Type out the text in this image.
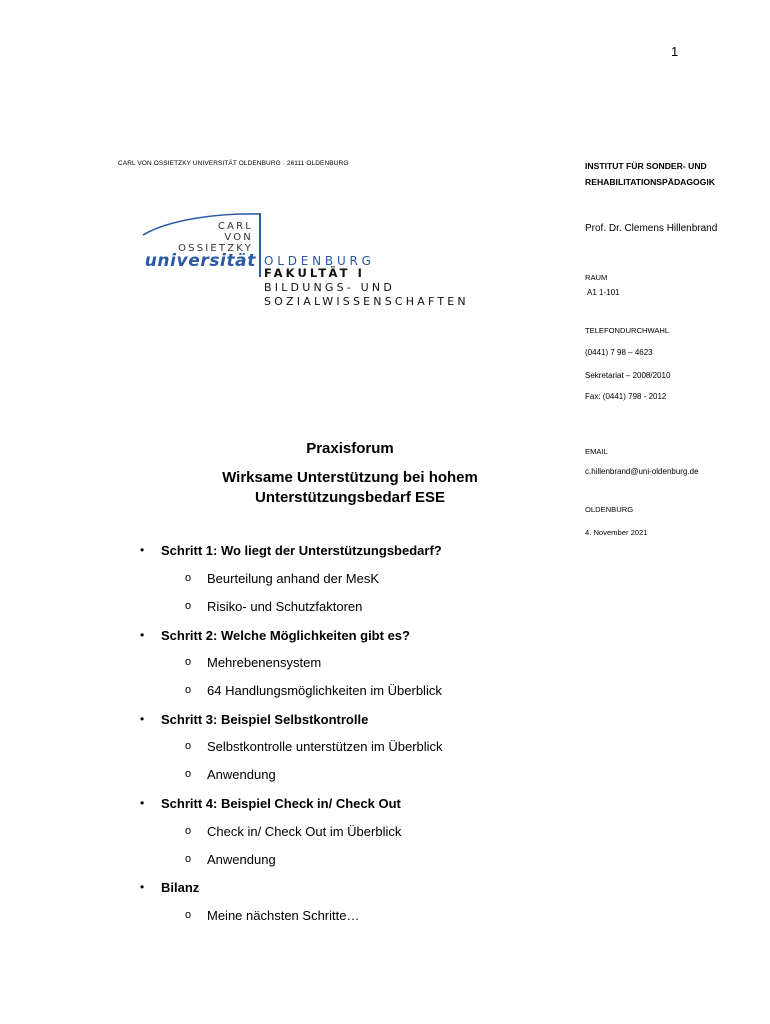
1
CARL VON OSSIETZKY UNIVERSITÄT OLDENBURG · 26111 OLDENBURG
CARL
VON
OSSIETZKY
universität OLDENBURG
FAKULTÄT I
BILDUNGS- UND
SOZIALWISSENSCHAFTEN
INSTITUT FÜR SONDER- UND
REHABILITATIONSPÄDAGOGIK
Prof. Dr. Clemens Hillenbrand
RAUM
A1 1-101
TELEFONDURCHWAHL
(0441) 7 98 – 4623
Sekretariat – 2008/2010
Fax: (0441) 798 - 2012
EMAIL
c.hillenbrand@uni-oldenburg.de
OLDENBURG
4. November 2021
Praxisforum
Wirksame Unterstützung bei hohem
Unterstützungsbedarf ESE
• Schritt 1: Wo liegt der Unterstützungsbedarf?
o Beurteilung anhand der MesK
o Risiko- und Schutzfaktoren
• Schritt 2: Welche Möglichkeiten gibt es?
o Mehrebenensystem
o 64 Handlungsmöglichkeiten im Überblick
• Schritt 3: Beispiel Selbstkontrolle
o Selbstkontrolle unterstützen im Überblick
o Anwendung
• Schritt 4: Beispiel Check in/ Check Out
o Check in/ Check Out im Überblick
o Anwendung
• Bilanz
o Meine nächsten Schritte…
